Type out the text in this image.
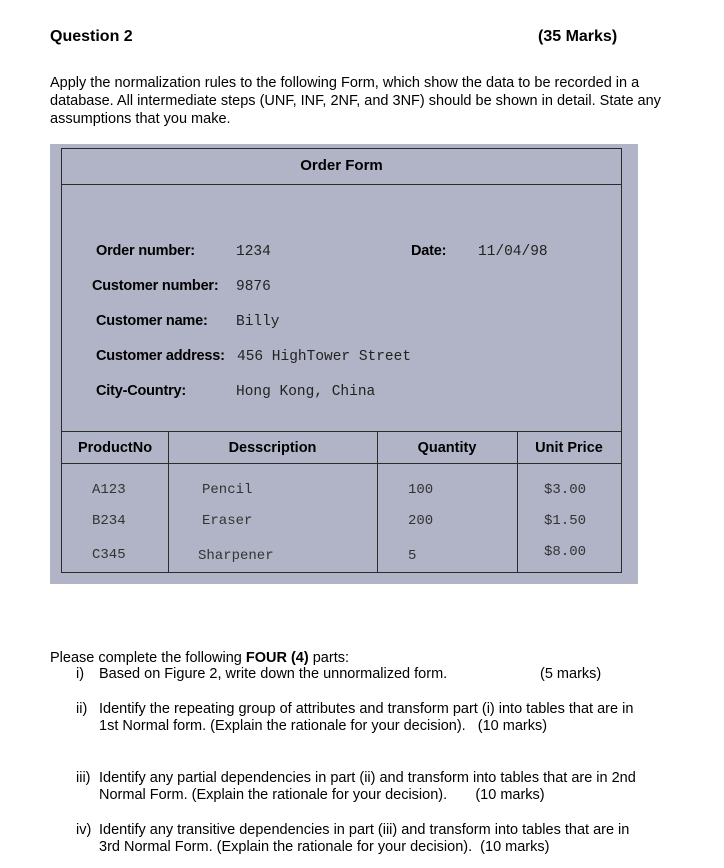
Question 2	(35 Marks)
Apply the normalization rules to the following Form, which show the data to be recorded in a database. All intermediate steps (UNF, INF, 2NF, and 3NF) should be shown in detail. State any assumptions that you make.
Order Form
Order number:	1234	Date: 11/04/98
Customer number: 9876
Customer name: Billy
Customer address: 456 HighTower Street
City-Country:	Hong Kong, China
ProductNo	Desscription	Quantity	Unit Price
A123	Pencil	100	$3.00
B234	Eraser	200	$1.50
C345	Sharpener	5	$8.00
Please complete the following FOUR (4) parts:
i) Based on Figure 2, write down the unnormalized form.	(5 marks)
ii) Identify the repeating group of attributes and transform part (i) into tables that are in
1st Normal form. (Explain the rationale for your decision).   (10 marks)
iii) Identify any partial dependencies in part (ii) and transform into tables that are in 2nd
Normal Form. (Explain the rationale for your decision).       (10 marks)
iv) Identify any transitive dependencies in part (iii) and transform into tables that are in
3rd Normal Form. (Explain the rationale for your decision).  (10 marks)
